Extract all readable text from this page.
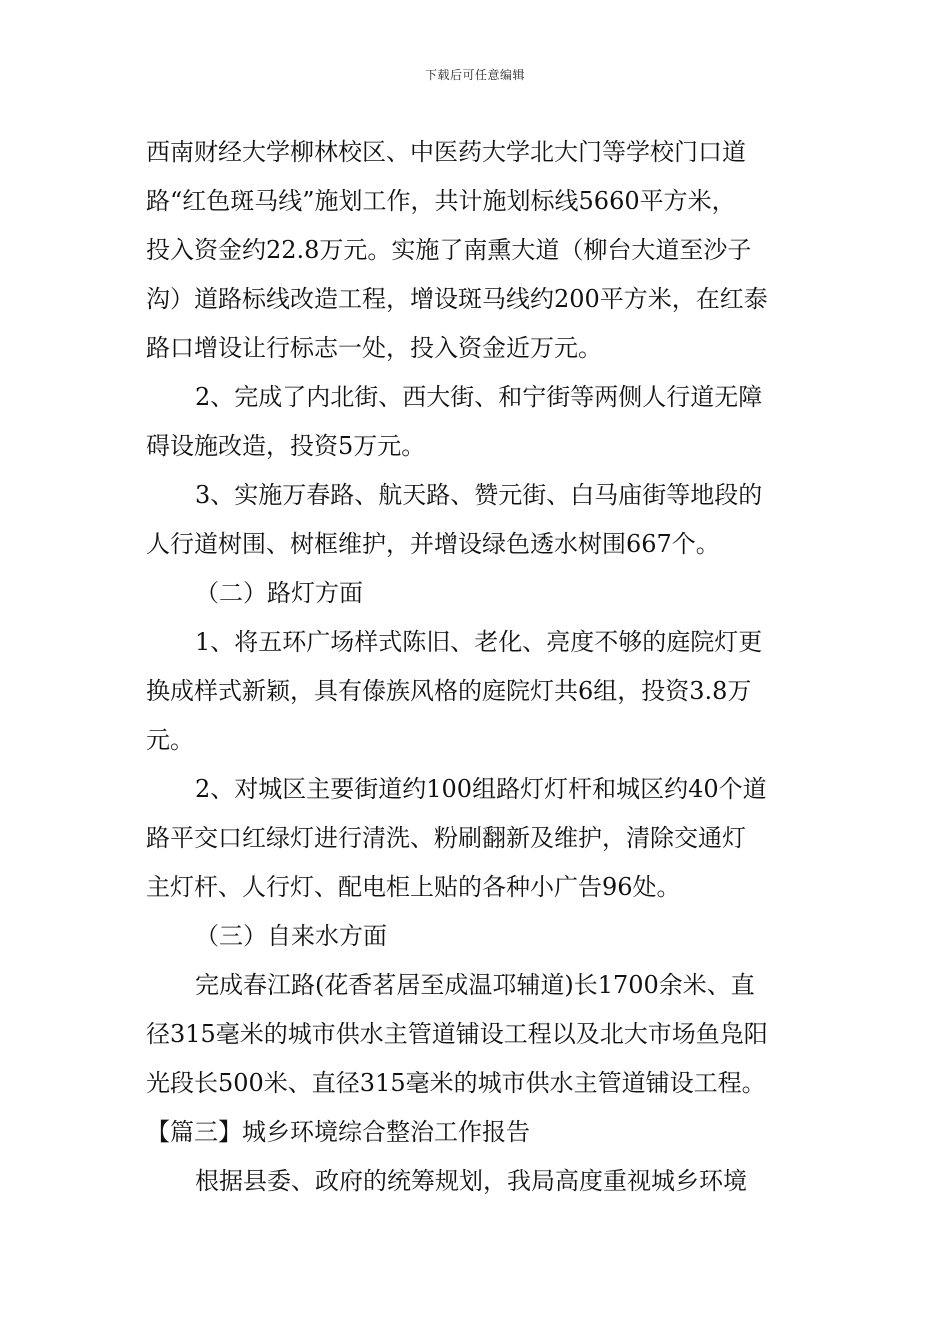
下载后可任意编辑
西南财经大学柳林校区、中医药大学北大门等学校门口道
路“红色斑马线”施划工作，共计施划标线5660平方米，
投入资金约22.8万元。实施了南熏大道（柳台大道至沙子
沟）道路标线改造工程，增设斑马线约200平方米，在红泰
路口增设让行标志一处，投入资金近万元。
2、完成了内北街、西大街、和宁街等两侧人行道无障
碍设施改造，投资5万元。
3、实施万春路、航天路、赞元街、白马庙街等地段的
人行道树围、树框维护，并增设绿色透水树围667个。
（二）路灯方面
1、将五环广场样式陈旧、老化、亮度不够的庭院灯更
换成样式新颖，具有傣族风格的庭院灯共6组，投资3.8万
元。
2、对城区主要街道约100组路灯灯杆和城区约40个道
路平交口红绿灯进行清洗、粉刷翻新及维护，清除交通灯
主灯杆、人行灯、配电柜上贴的各种小广告96处。
（三）自来水方面
完成春江路(花香茗居至成温邛辅道)长1700余米、直
径315毫米的城市供水主管道铺设工程以及北大市场鱼凫阳
光段长500米、直径315毫米的城市供水主管道铺设工程。
【篇三】城乡环境综合整治工作报告
根据县委、政府的统筹规划，我局高度重视城乡环境
